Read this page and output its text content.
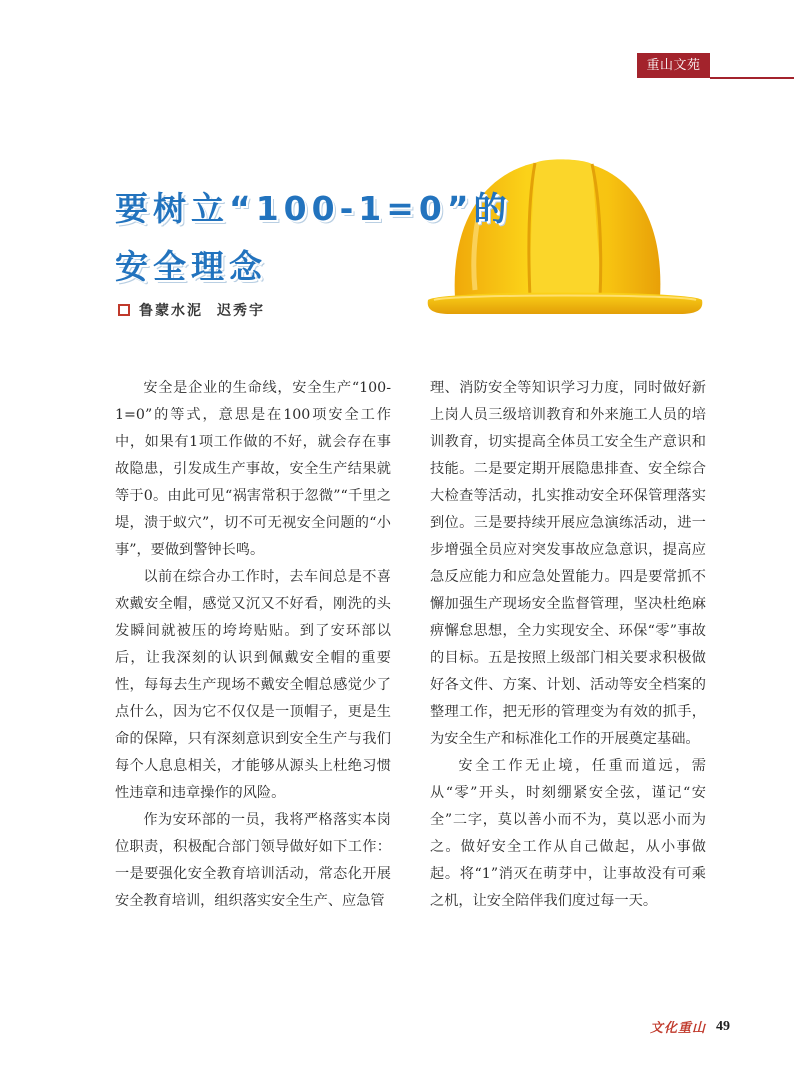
重山文苑
要树立“100-1=0”的
安全理念
鲁蒙水泥 迟秀宇

安全是企业的生命线，安全生产“100-1=0”的等式，意思是在100项安全工作中，如果有1项工作做的不好，就会存在事故隐患，引发成生产事故，安全生产结果就等于0。由此可见“祸害常积于忽微”“千里之堤，溃于蚁穴”，切不可无视安全问题的“小事”，要做到警钟长鸣。

以前在综合办工作时，去车间总是不喜欢戴安全帽，感觉又沉又不好看，刚洗的头发瞬间就被压的垮垮贴贴。到了安环部以后，让我深刻的认识到佩戴安全帽的重要性，每每去生产现场不戴安全帽总感觉少了点什么，因为它不仅仅是一顶帽子，更是生命的保障，只有深刻意识到安全生产与我们每个人息息相关，才能够从源头上杜绝习惯性违章和违章操作的风险。

作为安环部的一员，我将严格落实本岗位职责，积极配合部门领导做好如下工作：一是要强化安全教育培训活动，常态化开展安全教育培训，组织落实安全生产、应急管

理、消防安全等知识学习力度，同时做好新上岗人员三级培训教育和外来施工人员的培训教育，切实提高全体员工安全生产意识和技能。二是要定期开展隐患排查、安全综合大检查等活动，扎实推动安全环保管理落实到位。三是要持续开展应急演练活动，进一步增强全员应对突发事故应急意识，提高应急反应能力和应急处置能力。四是要常抓不懈加强生产现场安全监督管理，坚决杜绝麻痹懈怠思想，全力实现安全、环保“零”事故的目标。五是按照上级部门相关要求积极做好各文件、方案、计划、活动等安全档案的整理工作，把无形的管理变为有效的抓手，为安全生产和标准化工作的开展奠定基础。

安全工作无止境，任重而道远，需从“零”开头，时刻绷紧安全弦，谨记“安全”二字，莫以善小而不为，莫以恶小而为之。做好安全工作从自己做起，从小事做起。将“1”消灭在萌芽中，让事故没有可乘之机，让安全陪伴我们度过每一天。

文化重山 49
